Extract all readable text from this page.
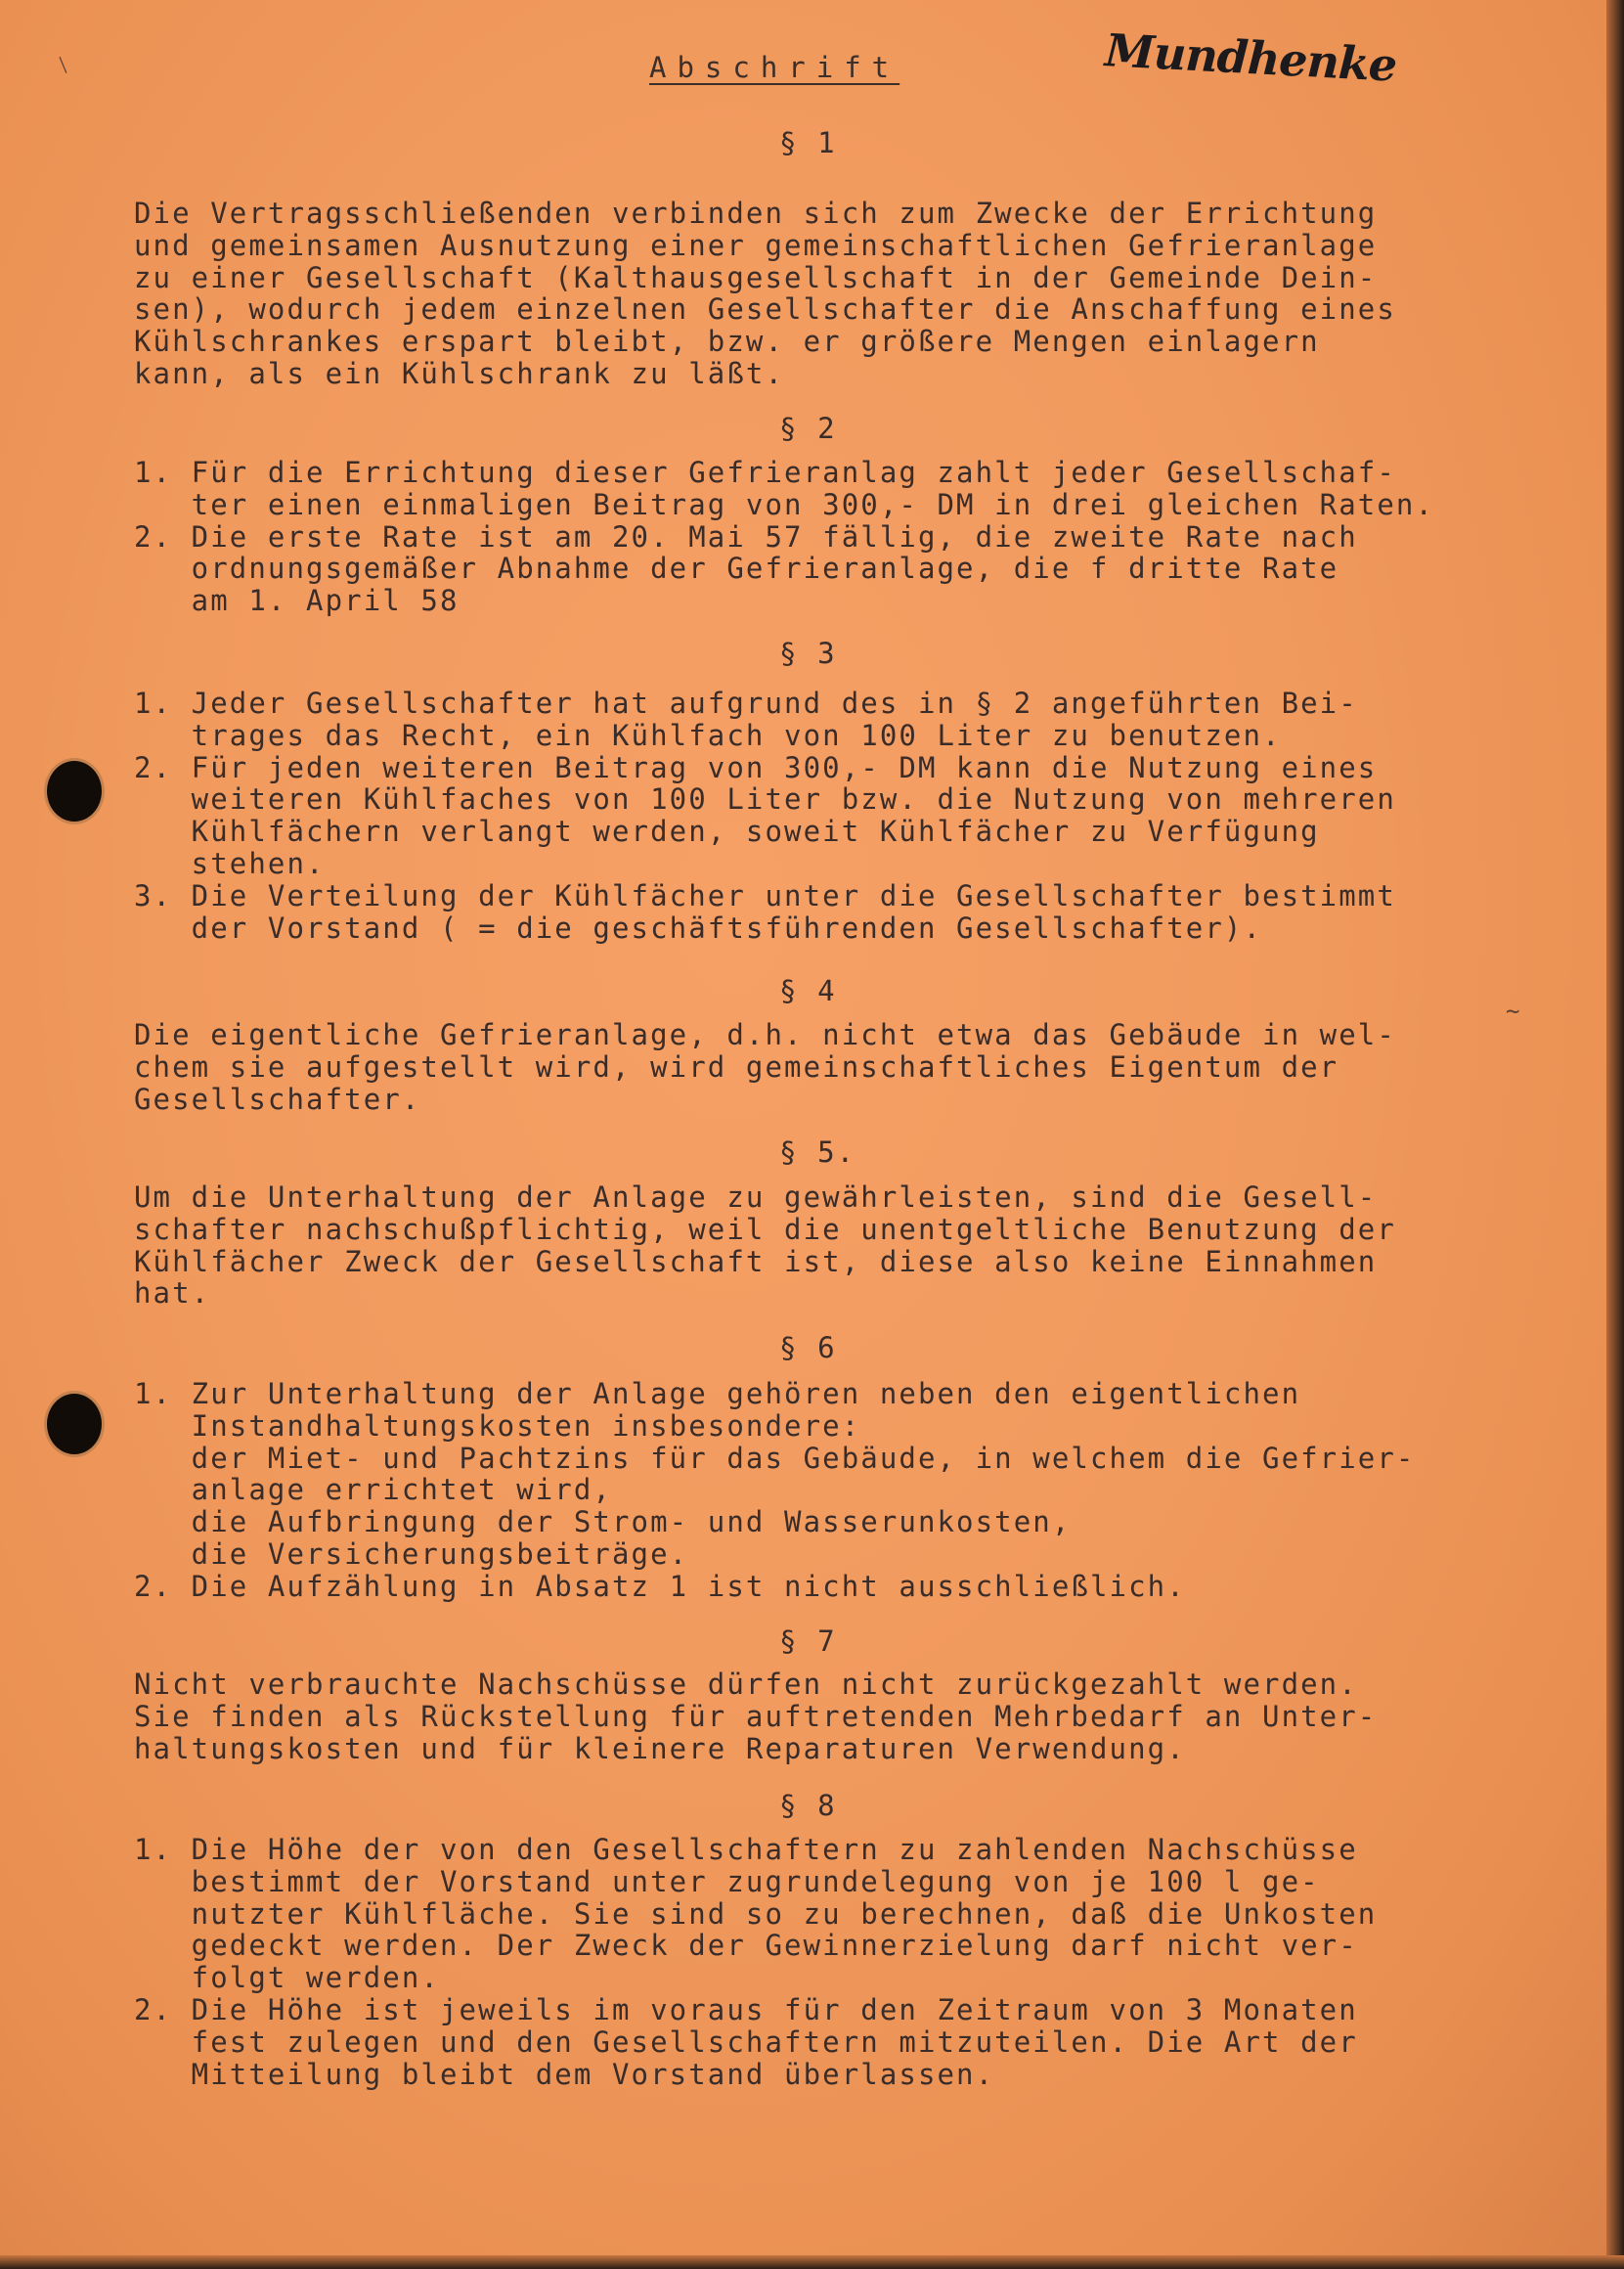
⁄
~
Abschrift	Mundhenke
§ 1
Die Vertragsschließenden verbinden sich zum Zwecke der Errichtung
und gemeinsamen Ausnutzung einer gemeinschaftlichen Gefrieranlage
zu einer Gesellschaft (Kalthausgesellschaft in der Gemeinde Dein-
sen), wodurch jedem einzelnen Gesellschafter die Anschaffung eines
Kühlschrankes erspart bleibt, bzw. er größere Mengen einlagern
kann, als ein Kühlschrank zu läßt.
§ 2
1. Für die Errichtung dieser Gefrieranlag zahlt jeder Gesellschaf-
ter einen einmaligen Beitrag von 300,- DM in drei gleichen Raten.
2. Die erste Rate ist am 20. Mai 57 fällig, die zweite Rate nach
ordnungsgemäßer Abnahme der Gefrieranlage, die f dritte Rate
am 1. April 58
§ 3
1. Jeder Gesellschafter hat aufgrund des in § 2 angeführten Bei-
trages das Recht, ein Kühlfach von 100 Liter zu benutzen.
2. Für jeden weiteren Beitrag von 300,- DM kann die Nutzung eines
weiteren Kühlfaches von 100 Liter bzw. die Nutzung von mehreren
Kühlfächern verlangt werden, soweit Kühlfächer zu Verfügung
stehen.
3. Die Verteilung der Kühlfächer unter die Gesellschafter bestimmt
der Vorstand ( = die geschäftsführenden Gesellschafter).
§ 4
Die eigentliche Gefrieranlage, d.h. nicht etwa das Gebäude in wel-
chem sie aufgestellt wird, wird gemeinschaftliches Eigentum der
Gesellschafter.
§ 5.
Um die Unterhaltung der Anlage zu gewährleisten, sind die Gesell-
schafter nachschußpflichtig, weil die unentgeltliche Benutzung der
Kühlfächer Zweck der Gesellschaft ist, diese also keine Einnahmen
hat.
§ 6
1. Zur Unterhaltung der Anlage gehören neben den eigentlichen
Instandhaltungskosten insbesondere:
der Miet- und Pachtzins für das Gebäude, in welchem die Gefrier-
anlage errichtet wird,
die Aufbringung der Strom- und Wasserunkosten,
die Versicherungsbeiträge.
2. Die Aufzählung in Absatz 1 ist nicht ausschließlich.
§ 7
Nicht verbrauchte Nachschüsse dürfen nicht zurückgezahlt werden.
Sie finden als Rückstellung für auftretenden Mehrbedarf an Unter-
haltungskosten und für kleinere Reparaturen Verwendung.
§ 8
1. Die Höhe der von den Gesellschaftern zu zahlenden Nachschüsse
bestimmt der Vorstand unter zugrundelegung von je 100 l ge-
nutzter Kühlfläche. Sie sind so zu berechnen, daß die Unkosten
gedeckt werden. Der Zweck der Gewinnerzielung darf nicht ver-
folgt werden.
2. Die Höhe ist jeweils im voraus für den Zeitraum von 3 Monaten
fest zulegen und den Gesellschaftern mitzuteilen. Die Art der
Mitteilung bleibt dem Vorstand überlassen.
